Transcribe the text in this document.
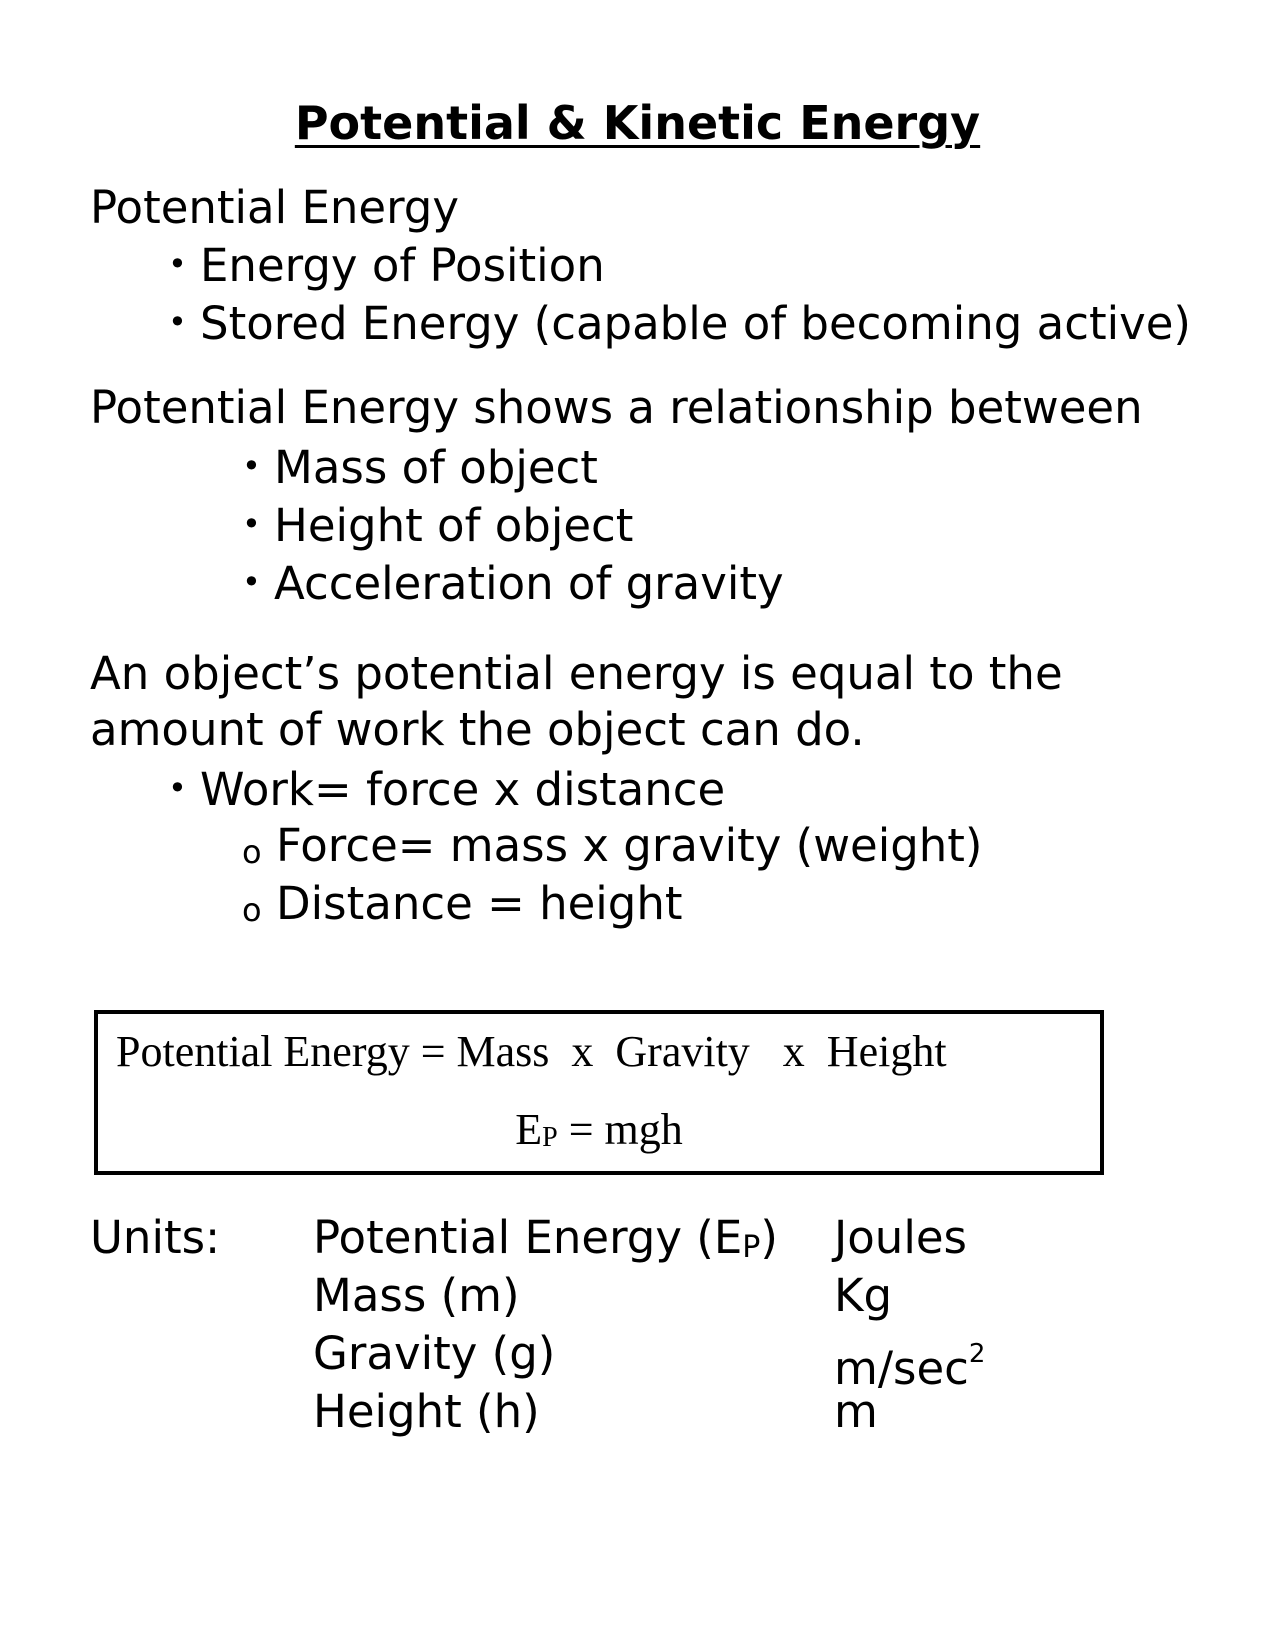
Potential & Kinetic Energy

Potential Energy

• Energy of Position

• Stored Energy (capable of becoming active)

Potential Energy shows a relationship between

• Mass of object

• Height of object

• Acceleration of gravity

An object’s potential energy is equal to the

amount of work the object can do.

• Work= force x distance

o Force= mass x gravity (weight)

o Distance = height

Potential Energy = Mass  x  Gravity   x  Height
EP = mgh
Units: Potential Energy (EP) Joules
Mass (m)	Kg
Gravity (g)	$m/\sec^2$
Height (h)	m
